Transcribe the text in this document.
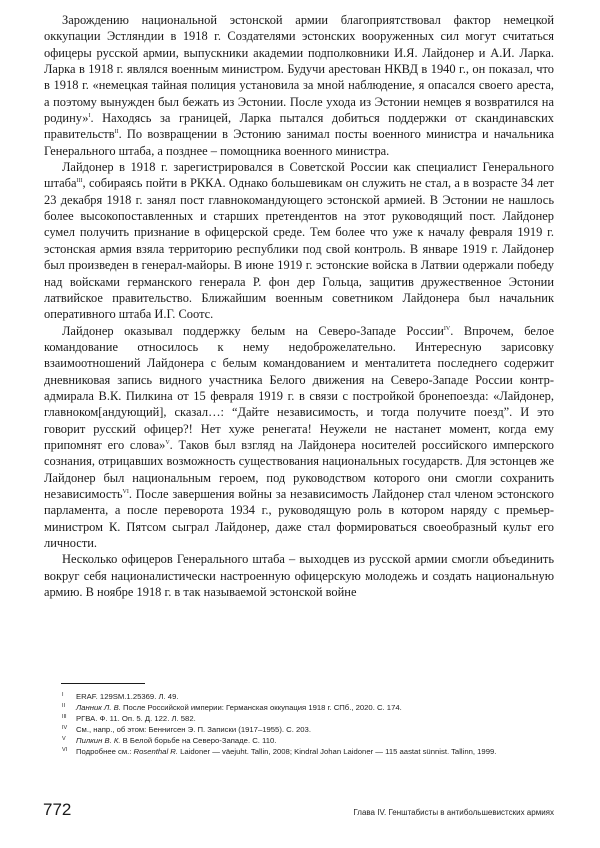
Зарождению национальной эстонской армии благоприятствовал фактор немецкой оккупации Эстляндии в 1918 г. Создателями эстонских вооруженных сил могут считаться офицеры русской армии, выпускники академии подполковники И.Я. Лайдонер и А.И. Ларка. Ларка в 1918 г. являлся военным министром. Будучи арестован НКВД в 1940 г., он показал, что в 1918 г. «немецкая тайная полиция установила за мной наблюдение, я опасался своего ареста, а поэтому вынужден был бежать из Эстонии. После ухода из Эстонии немцев я возвратился на родину»$^I$. Находясь за границей, Ларка пытался добиться поддержки от скандинавских правительств$^{II}$. По возвращении в Эстонию занимал посты военного министра и начальника Генерального штаба, а позднее – помощника военного министра.

Лайдонер в 1918 г. зарегистрировался в Советской России как специалист Генерального штаба$^{III}$, собираясь пойти в РККА. Однако большевикам он служить не стал, а в возрасте 34 лет 23 декабря 1918 г. занял пост главнокомандующего эстонской армией. В Эстонии не нашлось более высокопоставленных и старших претендентов на этот руководящий пост. Лайдонер сумел получить признание в офицерской среде. Тем более что уже к началу февраля 1919 г. эстонская армия взяла территорию республики под свой контроль. В январе 1919 г. Лайдонер был произведен в генерал-майоры. В июне 1919 г. эстонские войска в Латвии одержали победу над войсками германского генерала Р. фон дер Гольца, защитив дружественное Эстонии латвийское правительство. Ближайшим военным советником Лайдонера был начальник оперативного штаба И.Г. Соотс.

Лайдонер оказывал поддержку белым на Северо-Западе России$^{IV}$. Впрочем, белое командование относилось к нему недоброжелательно. Интересную зарисовку взаимоотношений Лайдонера с белым командованием и менталитета последнего содержит дневниковая запись видного участника Белого движения на Северо-Западе России контр-адмирала В.К. Пилкина от 15 февраля 1919 г. в связи с постройкой бронепоезда: «Лайдонер, главноком[андующий], сказал…: “Дайте независимость, и тогда получите поезд”. И это говорит русский офицер?! Нет хуже ренегата! Неужели не настанет момент, когда ему припомнят его слова»$^V$. Таков был взгляд на Лайдонера носителей российского имперского сознания, отрицавших возможность существования национальных государств. Для эстонцев же Лайдонер был национальным героем, под руководством которого они смогли сохранить независимость$^{VI}$. После завершения войны за независимость Лайдонер стал членом эстонского парламента, а после переворота 1934 г., руководящую роль в котором наряду с премьер-министром К. Пятсом сыграл Лайдонер, даже стал формироваться своеобразный культ его личности.

Несколько офицеров Генерального штаба – выходцев из русской армии смогли объединить вокруг себя националистически настроенную офицерскую молодежь и создать национальную армию. В ноябре 1918 г. в так называемой эстонской войне

I	ERAF. 129SM.1.25369. Л. 49.
II	Ланник Л. В. После Российской империи: Германская оккупация 1918 г. СПб., 2020. С. 174.
III	РГВА. Ф. 11. Оп. 5. Д. 122. Л. 582.
IV	См., напр., об этом: Беннигсен Э. П. Записки (1917–1955). С. 203.
V	Пилкин В. К. В Белой борьбе на Северо-Западе. С. 110.
VI	Подробнее см.: Rosenthal R. Laidoner — väejuht. Tallin, 2008; Kindral Johan Laidoner — 115 aastat sünnist. Tallinn, 1999.
772	Глава IV. Генштабисты в антибольшевистских армиях
